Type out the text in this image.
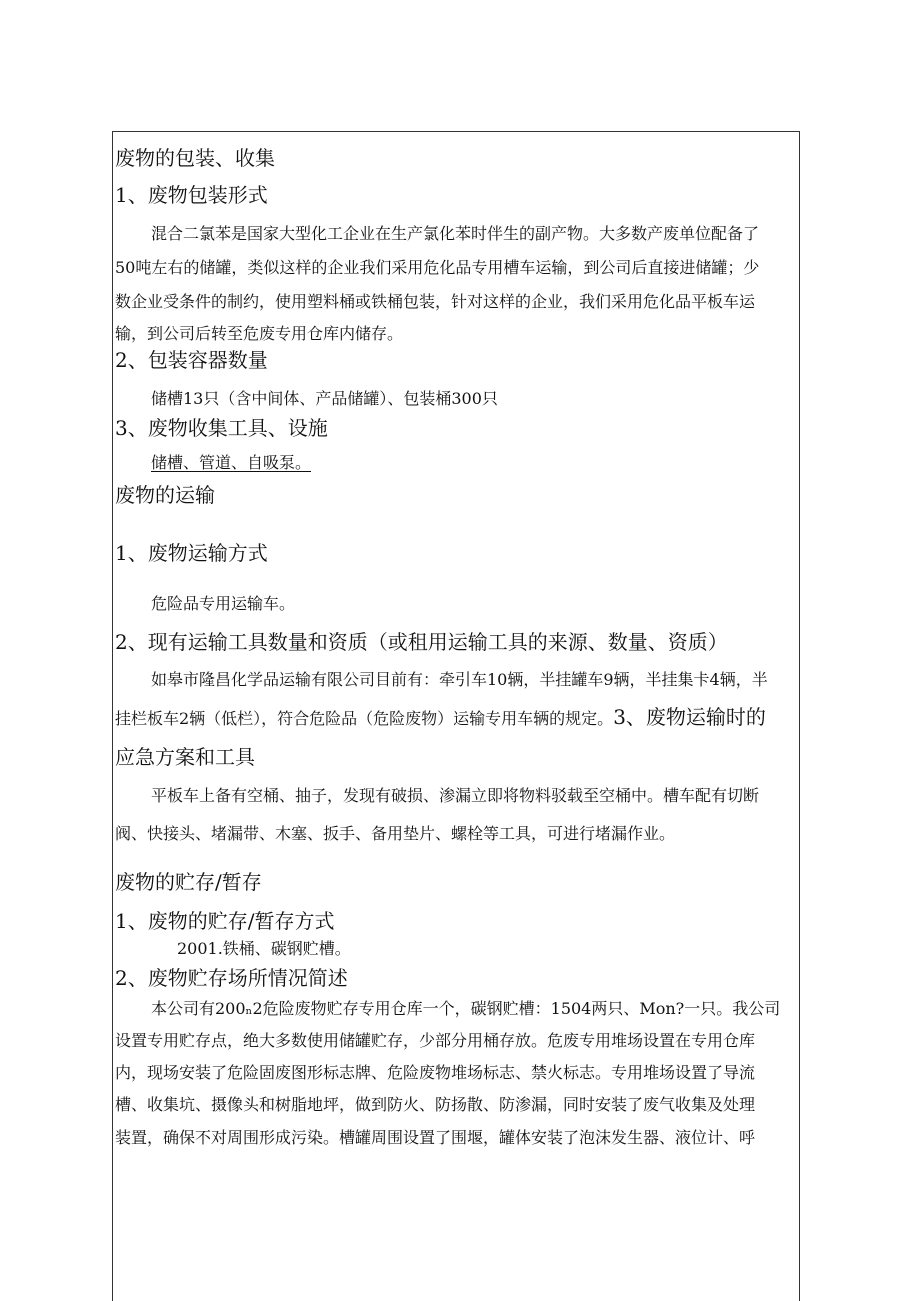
废物的包装、收集
1、废物包装形式
混合二氯苯是国家大型化工企业在生产氯化苯时伴生的副产物。大多数产废单位配备了
50吨左右的储罐，类似这样的企业我们采用危化品专用槽车运输，到公司后直接进储罐；少
数企业受条件的制约，使用塑料桶或铁桶包装，针对这样的企业，我们采用危化品平板车运
输，到公司后转至危废专用仓库内储存。
2、包装容器数量
储槽13只（含中间体、产品储罐）、包装桶300只
3、废物收集工具、设施
储槽、管道、自吸泵。
废物的运输
1、废物运输方式
危险品专用运输车。
2、现有运输工具数量和资质（或租用运输工具的来源、数量、资质）
如皋市隆昌化学品运输有限公司目前有：牵引车10辆，半挂罐车9辆，半挂集卡4辆，半
挂栏板车2辆（低栏），符合危险品（危险废物）运输专用车辆的规定。3、废物运输时的
应急方案和工具
平板车上备有空桶、抽子，发现有破损、渗漏立即将物料驳载至空桶中。槽车配有切断
阀、快接头、堵漏带、木塞、扳手、备用垫片、螺栓等工具，可进行堵漏作业。
废物的贮存/暂存
1、废物的贮存/暂存方式
2001.铁桶、碳钢贮槽。
2、废物贮存场所情况简述
本公司有200ₙ2危险废物贮存专用仓库一个，碳钢贮槽：1504两只、Mon?一只。我公司
设置专用贮存点，绝大多数使用储罐贮存，少部分用桶存放。危废专用堆场设置在专用仓库
内，现场安装了危险固废图形标志牌、危险废物堆场标志、禁火标志。专用堆场设置了导流
槽、收集坑、摄像头和树脂地坪，做到防火、防扬散、防渗漏，同时安装了废气收集及处理
装置，确保不对周围形成污染。槽罐周围设置了围堰，罐体安装了泡沫发生器、液位计、呼
